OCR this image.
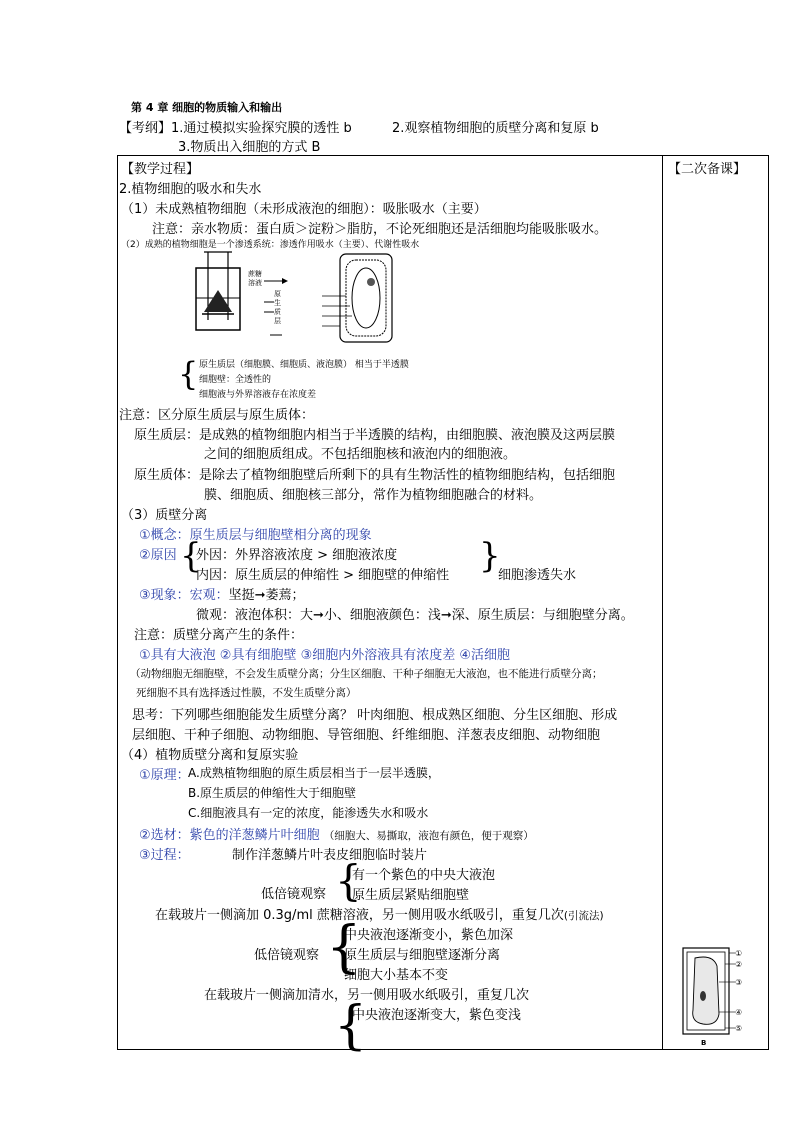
第 4 章 细胞的物质输入和输出
【考纲】1.通过模拟实验探究膜的透性 b	2.观察植物细胞的质壁分离和复原 b
3.物质出入细胞的方式 B
【教学过程】	【二次备课】
2.植物细胞的吸水和失水
（1）未成熟植物细胞（未形成液泡的细胞）：吸胀吸水（主要）
注意：亲水物质：蛋白质＞淀粉＞脂肪，不论死细胞还是活细胞均能吸胀吸水。
（2）成熟的植物细胞是一个渗透系统：渗透作用吸水（主要）、代谢性吸水
蔗糖
溶液
原
生
质
层
{ 原生质层（细胞膜、细胞质、液泡膜） 相当于半透膜
细胞壁：全透性的
细胞液与外界溶液存在浓度差
注意：区分原生质层与原生质体：
原生质层：是成熟的植物细胞内相当于半透膜的结构，由细胞膜、液泡膜及这两层膜
之间的细胞质组成。不包括细胞核和液泡内的细胞液。
原生质体：是除去了植物细胞壁后所剩下的具有生物活性的植物细胞结构，包括细胞
膜、细胞质、细胞核三部分，常作为植物细胞融合的材料。
（3）质壁分离
①概念：原生质层与细胞壁相分离的现象
②原因 {
外因：外界溶液浓度 > 细胞液浓度
内因：原生质层的伸缩性 > 细胞壁的伸缩性 }
细胞渗透失水
③现象：宏观：坚挺➞萎蔫；
微观：液泡体积：大➞小、细胞液颜色：浅➞深、原生质层：与细胞壁分离。
注意：质壁分离产生的条件：
①具有大液泡 ②具有细胞壁 ③细胞内外溶液具有浓度差 ④活细胞
（动物细胞无细胞壁，不会发生质壁分离；分生区细胞、干种子细胞无大液泡，也不能进行质壁分离；
死细胞不具有选择透过性膜，不发生质壁分离）
思考：下列哪些细胞能发生质壁分离？ 叶肉细胞、根成熟区细胞、分生区细胞、形成
层细胞、干种子细胞、动物细胞、导管细胞、纤维细胞、洋葱表皮细胞、动物细胞
（4）植物质壁分离和复原实验
①原理：
A.成熟植物细胞的原生质层相当于一层半透膜，
B.原生质层的伸缩性大于细胞壁
C.细胞液具有一定的浓度，能渗透失水和吸水
②选材：紫色的洋葱鳞片叶细胞 （细胞大、易撕取，液泡有颜色，便于观察）
③过程：	制作洋葱鳞片叶表皮细胞临时装片
低倍镜观察 {
有一个紫色的中央大液泡
原生质层紧贴细胞壁
在载玻片一侧滴加 0.3g/ml 蔗糖溶液，另一侧用吸水纸吸引，重复几次(引流法)
低倍镜观察 {
中央液泡逐渐变小，紫色加深
原生质层与细胞壁逐渐分离
细胞大小基本不变
在载玻片一侧滴加清水，另一侧用吸水纸吸引，重复几次
{
中央液泡逐渐变大，紫色变浅
①
②
③
④
⑤
B
